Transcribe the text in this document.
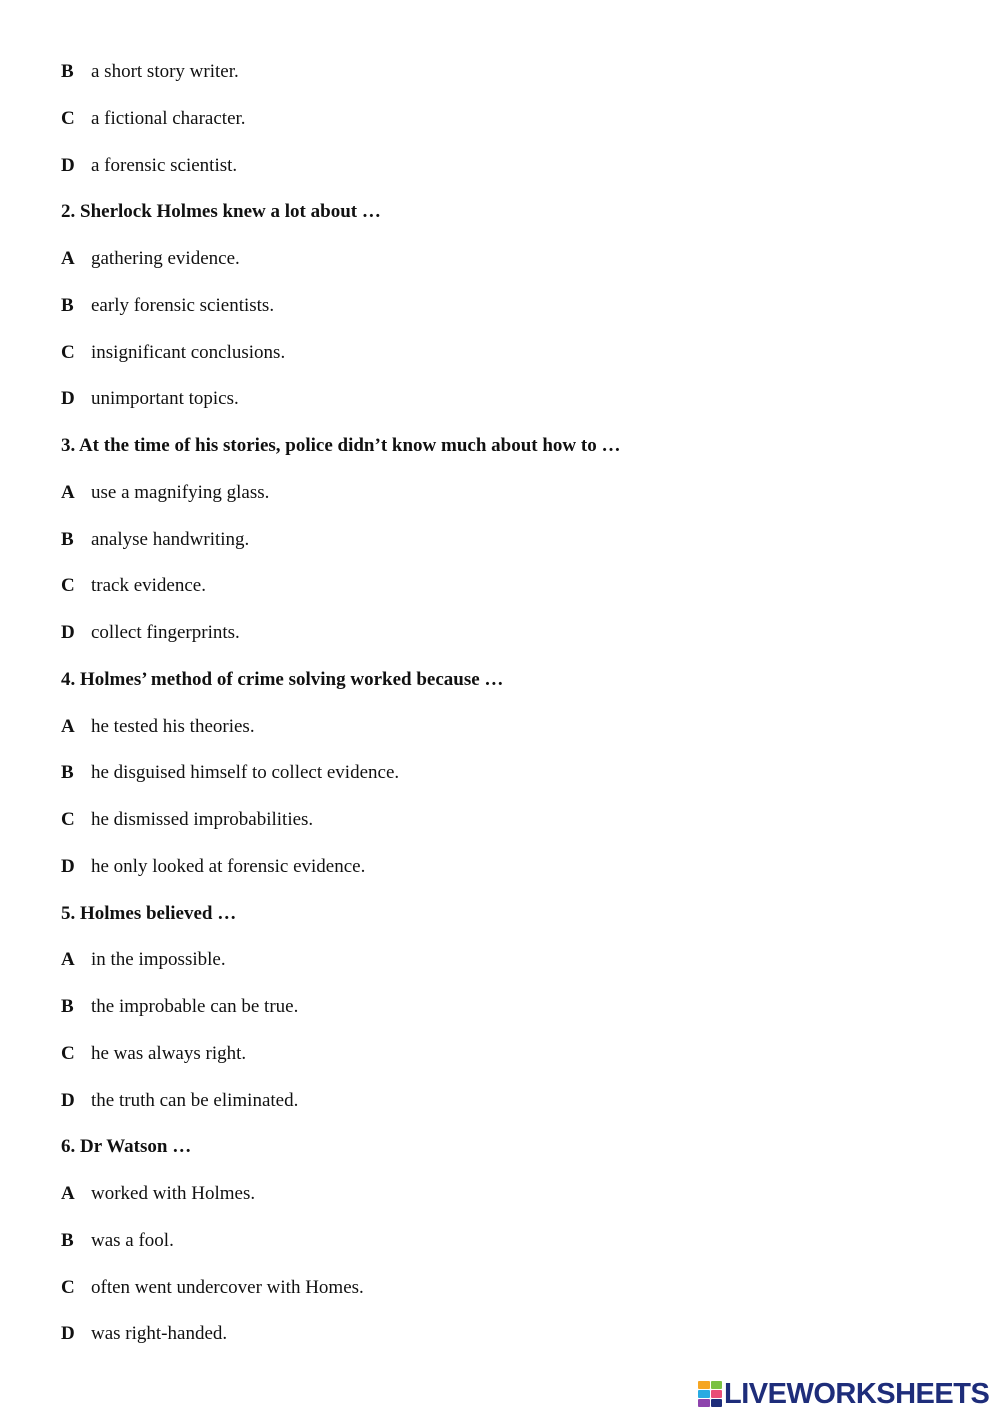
B a short story writer.
C a fictional character.
D a forensic scientist.
2. Sherlock Holmes knew a lot about …
A gathering evidence.
B early forensic scientists.
C insignificant conclusions.
D unimportant topics.
3. At the time of his stories, police didn’t know much about how to …
A use a magnifying glass.
B analyse handwriting.
C track evidence.
D collect fingerprints.
4. Holmes’ method of crime solving worked because …
A he tested his theories.
B he disguised himself to collect evidence.
C he dismissed improbabilities.
D he only looked at forensic evidence.
5. Holmes believed …
A in the impossible.
B the improbable can be true.
C he was always right.
D the truth can be eliminated.
6. Dr Watson …
A worked with Holmes.
B was a fool.
C often went undercover with Homes.
D was right-handed.
LIVEWORKSHEETS
